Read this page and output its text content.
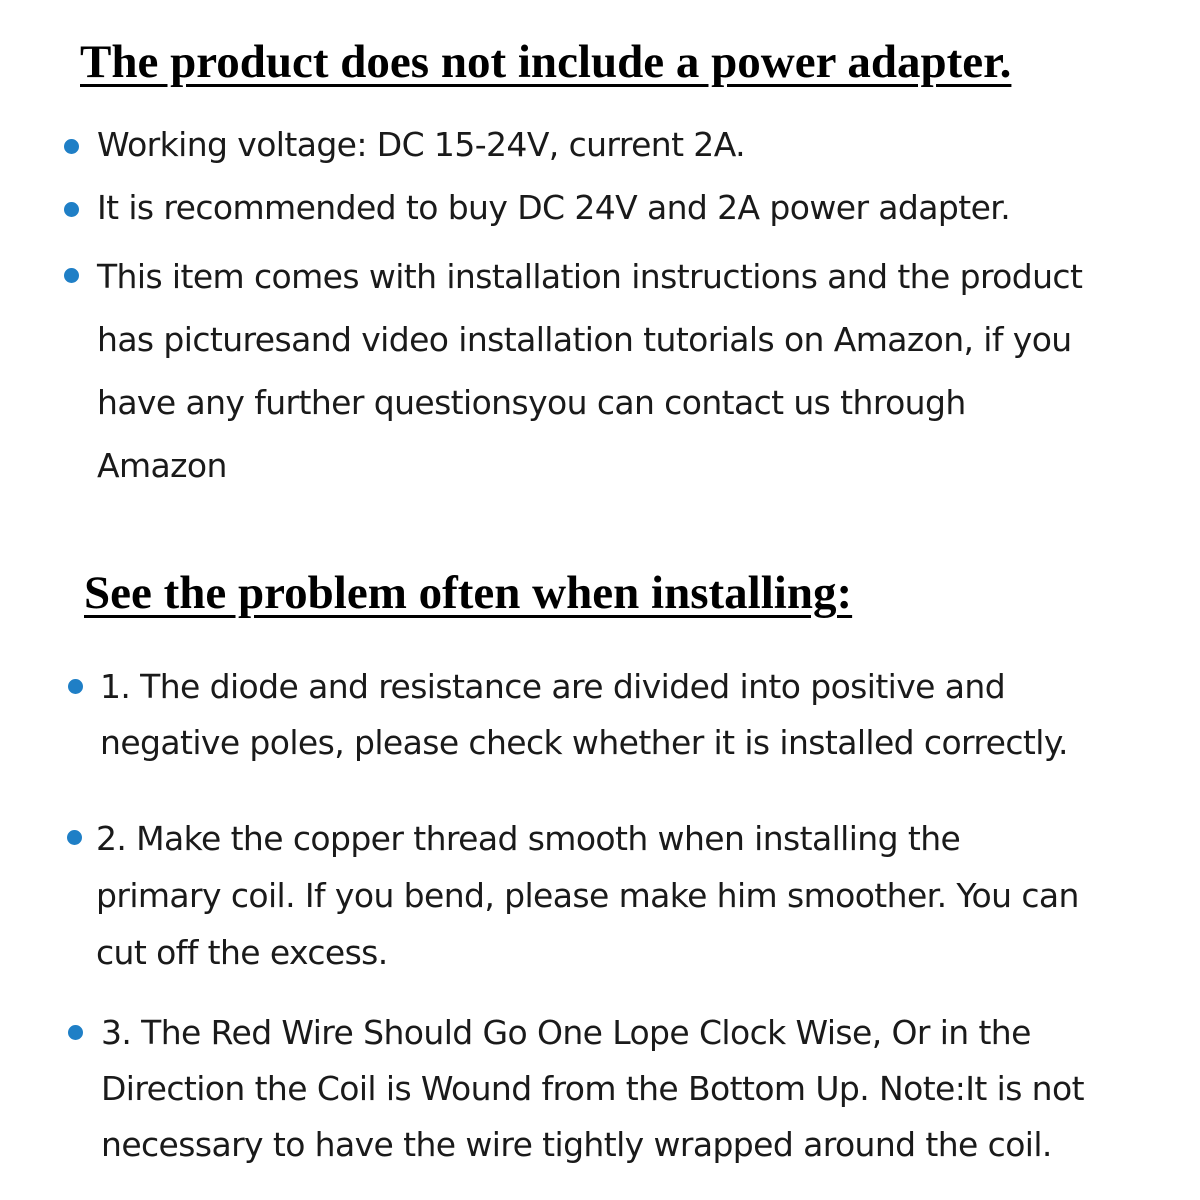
The product does not include a power adapter.

Working voltage: DC 15-24V, current 2A.

It is recommended to buy DC 24V and 2A power adapter.

This item comes with installation instructions and the product
has picturesand video installation tutorials on Amazon, if you
have any further questionsyou can contact us through
Amazon

See the problem often when installing:

1. The diode and resistance are divided into positive and
negative poles, please check whether it is installed correctly.

2. Make the copper thread smooth when installing the
primary coil. If you bend, please make him smoother. You can
cut off the excess.

3. The Red Wire Should Go One Lope Clock Wise, Or in the
Direction the Coil is Wound from the Bottom Up. Note:It is not
necessary to have the wire tightly wrapped around the coil.
